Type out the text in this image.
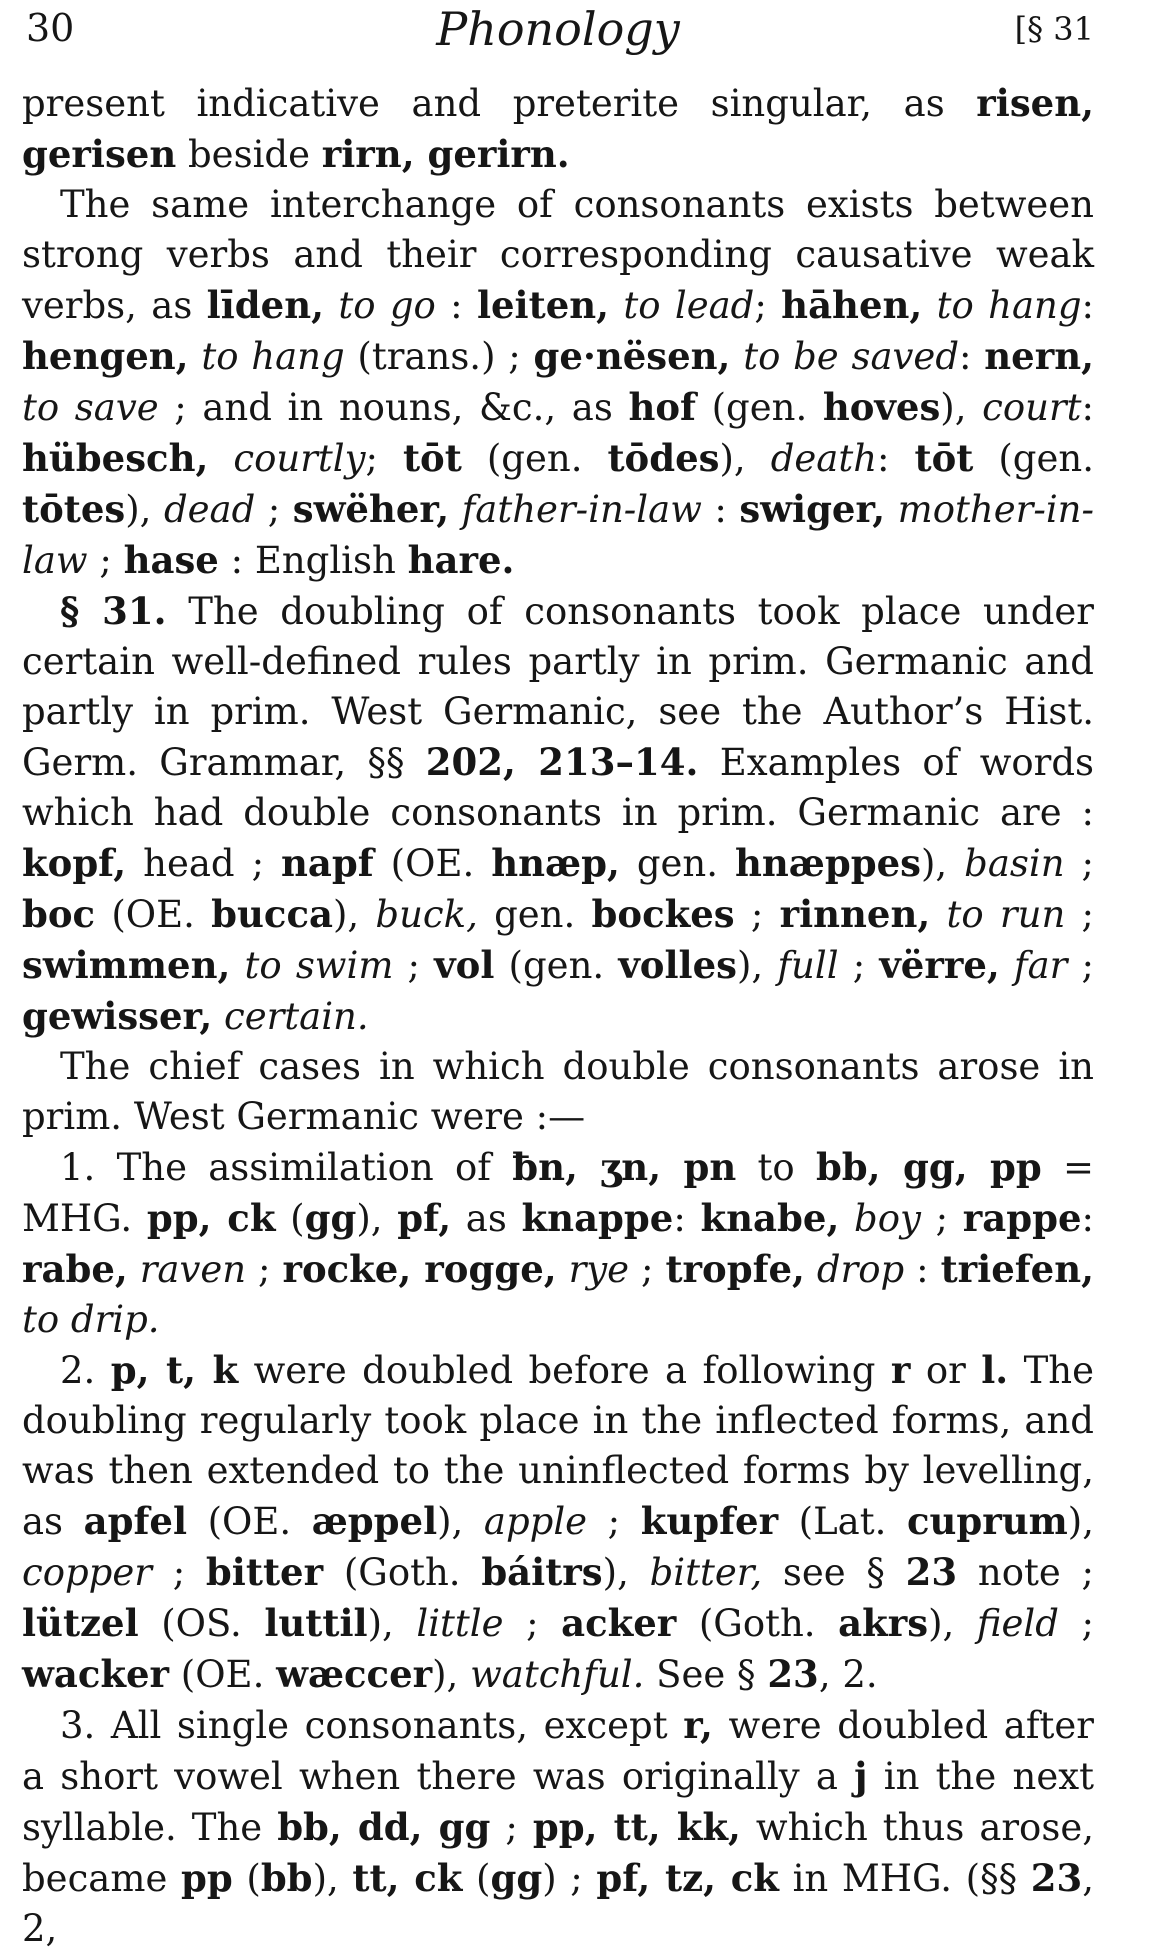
30	Phonology	[§ 31

present indicative and preterite singular, as risen, gerisen beside rirn, gerirn.

The same interchange of consonants exists between strong verbs and their corresponding causative weak verbs, as līden, to go : leiten, to lead; hāhen, to hang: hengen, to hang (trans.) ; ge·nësen, to be saved: nern, to save ; and in nouns, &c., as hof (gen. hoves), court: hübesch, courtly; tōt (gen. tōdes), death: tōt (gen. tōtes), dead ; swëher, father-in-law : swiger, mother-in-law ; hase : English hare.

§ 31. The doubling of consonants took place under certain well-defined rules partly in prim. Germanic and partly in prim. West Germanic, see the Author’s Hist. Germ. Grammar, §§ 202, 213–14. Examples of words which had double consonants in prim. Germanic are : kopf, head ; napf (OE. hnæp, gen. hnæppes), basin ; boc (OE. bucca), buck, gen. bockes ; rinnen, to run ; swimmen, to swim ; vol (gen. volles), full ; vërre, far ; gewisser, certain.

The chief cases in which double consonants arose in prim. West Germanic were :—

1. The assimilation of ƀn, ʒn, pn to bb, gg, pp = MHG. pp, ck (gg), pf, as knappe: knabe, boy ; rappe: rabe, raven ; rocke, rogge, rye ; tropfe, drop : triefen, to drip.

2. p, t, k were doubled before a following r or l. The doubling regularly took place in the inflected forms, and was then extended to the uninflected forms by levelling, as apfel (OE. æppel), apple ; kupfer (Lat. cuprum), copper ; bitter (Goth. báitrs), bitter, see § 23 note ; lützel (OS. luttil), little ; acker (Goth. akrs), field ; wacker (OE. wæccer), watchful. See § 23, 2.

3. All single consonants, except r, were doubled after a short vowel when there was originally a j in the next syllable. The bb, dd, gg ; pp, tt, kk, which thus arose, became pp (bb), tt, ck (gg) ; pf, tz, ck in MHG. (§§ 23, 2,
